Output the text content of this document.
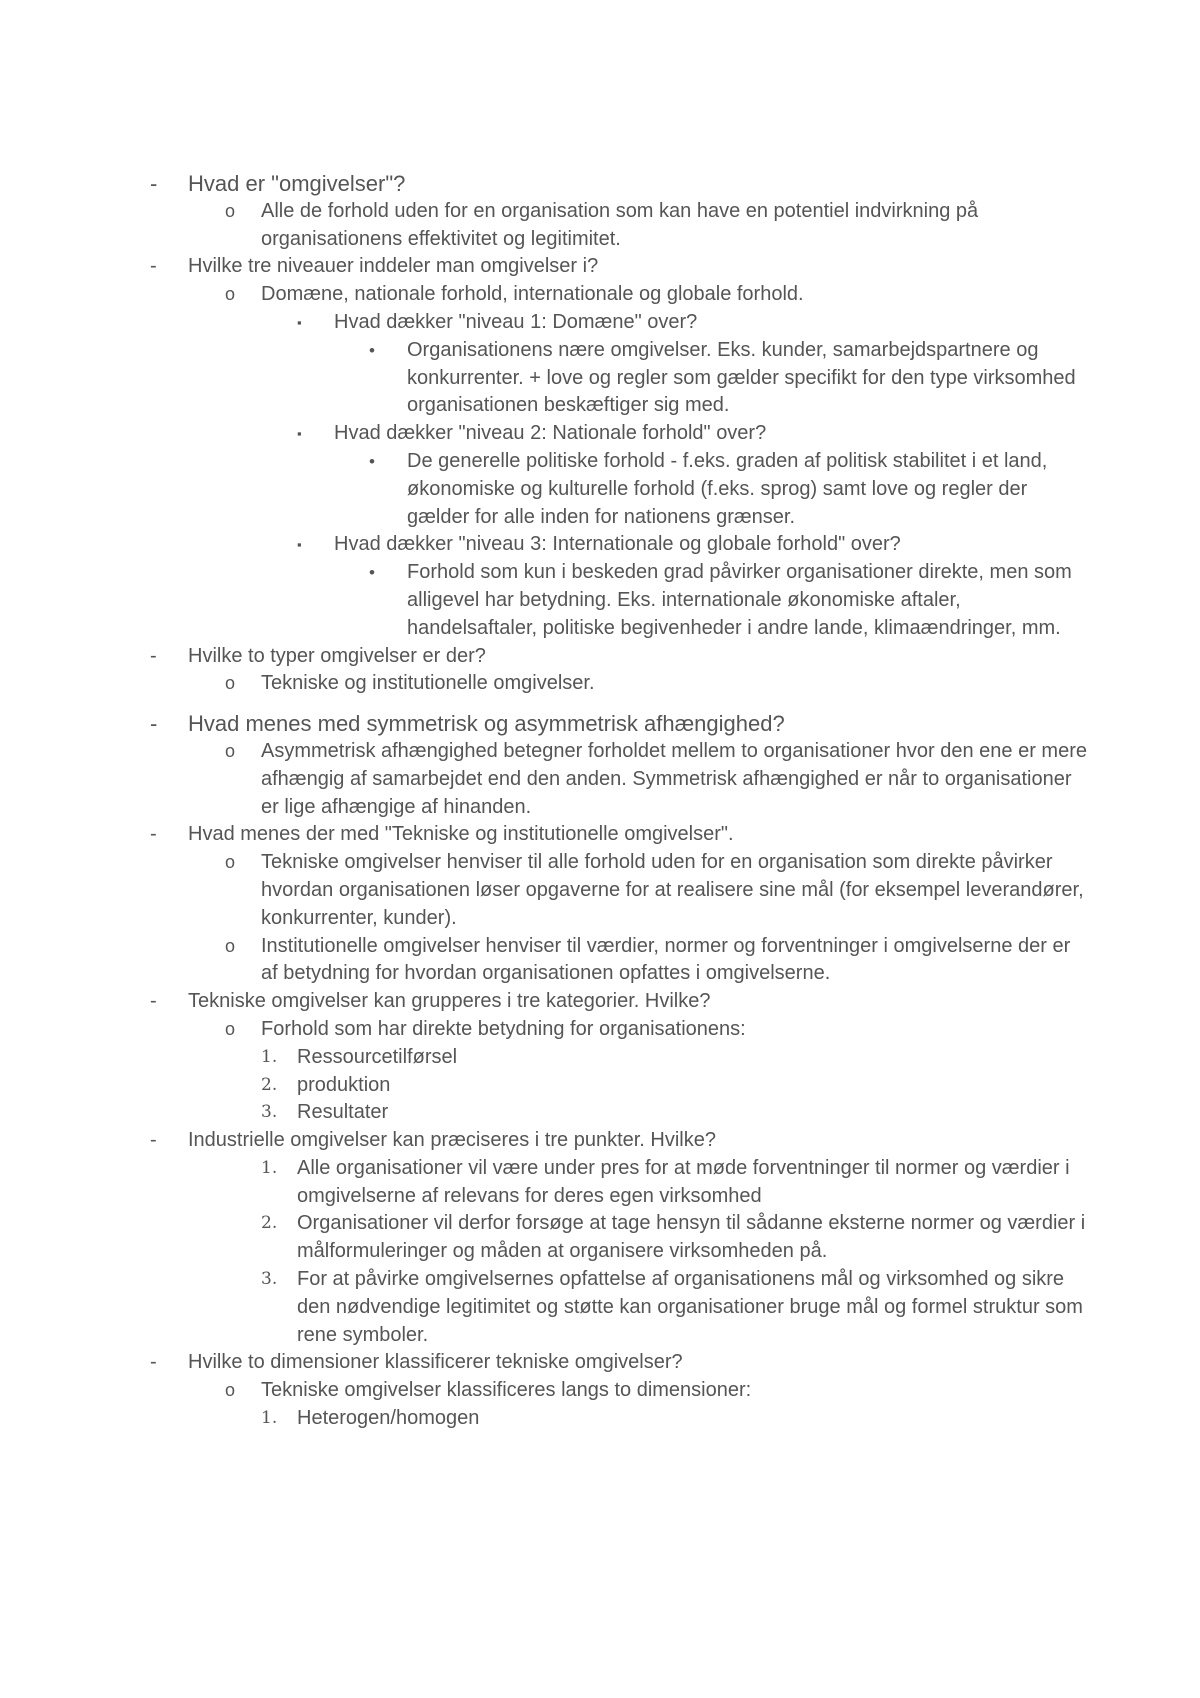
- Hvad er "omgivelser"?
o Alle de forhold uden for en organisation som kan have en potentiel indvirkning på organisationens effektivitet og legitimitet.
- Hvilke tre niveauer inddeler man omgivelser i?
o Domæne, nationale forhold, internationale og globale forhold.
▪ Hvad dækker "niveau 1: Domæne" over?
• Organisationens nære omgivelser. Eks. kunder, samarbejdspartnere og konkurrenter. + love og regler som gælder specifikt for den type virksomhed organisationen beskæftiger sig med.
▪ Hvad dækker "niveau 2: Nationale forhold" over?
• De generelle politiske forhold - f.eks. graden af politisk stabilitet i et land, økonomiske og kulturelle forhold (f.eks. sprog) samt love og regler der gælder for alle inden for nationens grænser.
▪ Hvad dækker "niveau 3: Internationale og globale forhold" over?
• Forhold som kun i beskeden grad påvirker organisationer direkte, men som alligevel har betydning. Eks. internationale økonomiske aftaler, handelsaftaler, politiske begivenheder i andre lande, klimaændringer, mm.
- Hvilke to typer omgivelser er der?
o Tekniske og institutionelle omgivelser.
- Hvad menes med symmetrisk og asymmetrisk afhængighed?
o Asymmetrisk afhængighed betegner forholdet mellem to organisationer hvor den ene er mere afhængig af samarbejdet end den anden. Symmetrisk afhængighed er når to organisationer er lige afhængige af hinanden.
- Hvad menes der med "Tekniske og institutionelle omgivelser".
o Tekniske omgivelser henviser til alle forhold uden for en organisation som direkte påvirker hvordan organisationen løser opgaverne for at realisere sine mål (for eksempel leverandører, konkurrenter, kunder).
o Institutionelle omgivelser henviser til værdier, normer og forventninger i omgivelserne der er af betydning for hvordan organisationen opfattes i omgivelserne.
- Tekniske omgivelser kan grupperes i tre kategorier. Hvilke?
o Forhold som har direkte betydning for organisationens:
1. Ressourcetilførsel
2. produktion
3. Resultater
- Industrielle omgivelser kan præciseres i tre punkter. Hvilke?
1. Alle organisationer vil være under pres for at møde forventninger til normer og værdier i omgivelserne af relevans for deres egen virksomhed
2. Organisationer vil derfor forsøge at tage hensyn til sådanne eksterne normer og værdier i målformuleringer og måden at organisere virksomheden på.
3. For at påvirke omgivelsernes opfattelse af organisationens mål og virksomhed og sikre den nødvendige legitimitet og støtte kan organisationer bruge mål og formel struktur som rene symboler.
- Hvilke to dimensioner klassificerer tekniske omgivelser?
o Tekniske omgivelser klassificeres langs to dimensioner:
1. Heterogen/homogen
